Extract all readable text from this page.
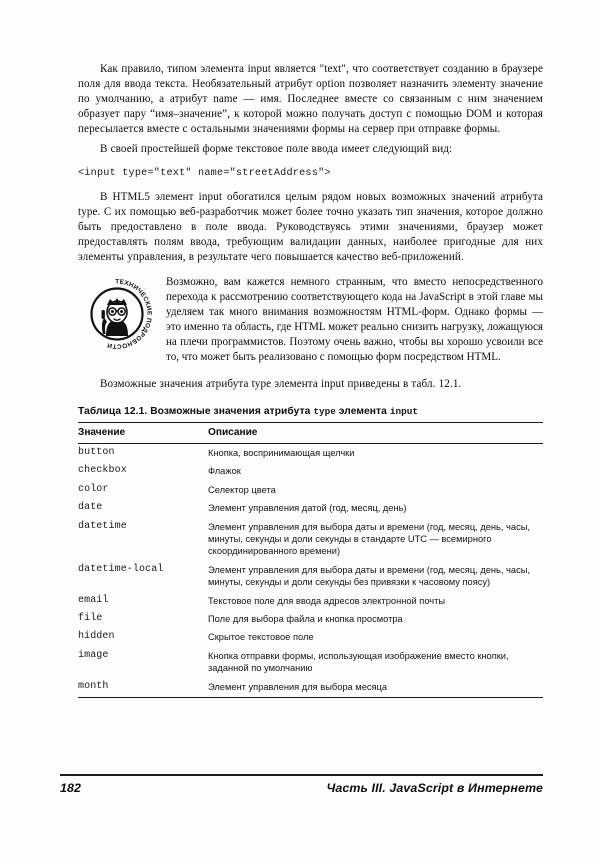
Как правило, типом элемента input является "text", что соответствует созданию в браузере поля для ввода текста. Необязательный атрибут option позволяет назначить элементу значение по умолчанию, а атрибут name — имя. Последнее вместе со связанным с ним значением образует пару “имя–значение”, к которой можно получать доступ с помощью DOM и которая пересылается вместе с остальными значениями формы на сервер при отправке формы.

В своей простейшей форме текстовое поле ввода имеет следующий вид:

<input type="text" name="streetAddress">

В HTML5 элемент input обогатился целым рядом новых возможных значений атрибута type. С их помощью веб-разработчик может более точно указать тип значения, которое должно быть предоставлено в поле ввода. Руководствуясь этими значениями, браузер может предоставлять полям ввода, требующим валидации данных, наиболее пригодные для них элементы управления, в результате чего повышается качество веб-приложений.

ТЕХНИЧЕСКИЕ ПОДРОБНОСТИ
Возможно, вам кажется немного странным, что вместо непосредственного перехода к рассмотрению соответствующего кода на JavaScript в этой главе мы уделяем так много внимания возможностям HTML-форм. Однако формы — это именно та область, где HTML может реально снизить нагрузку, ложащуюся на плечи программистов. Поэтому очень важно, чтобы вы хорошо усвоили все то, что может быть реализовано с помощью форм посредством HTML.

Возможные значения атрибута type элемента input приведены в табл. 12.1.

Таблица 12.1. Возможные значения атрибута type элемента input
Значение	Описание
button	Кнопка, воспринимающая щелчки
checkbox	Флажок
color	Селектор цвета
date	Элемент управления датой (год, месяц, день)
datetime	Элемент управления для выбора даты и времени (год, месяц, день, часы, минуты, секунды и доли секунды в стандарте UTC — всемирного скоординированного времени)
datetime-local	Элемент управления для выбора даты и времени (год, месяц, день, часы, минуты, секунды и доли секунды без привязки к часовому поясу)
email	Текстовое поле для ввода адресов электронной почты
file	Поле для выбора файла и кнопка просмотра
hidden	Скрытое текстовое поле
image	Кнопка отправки формы, использующая изображение вместо кнопки, заданной по умолчанию
month	Элемент управления для выбора месяца
182	Часть III. JavaScript в Интернете
